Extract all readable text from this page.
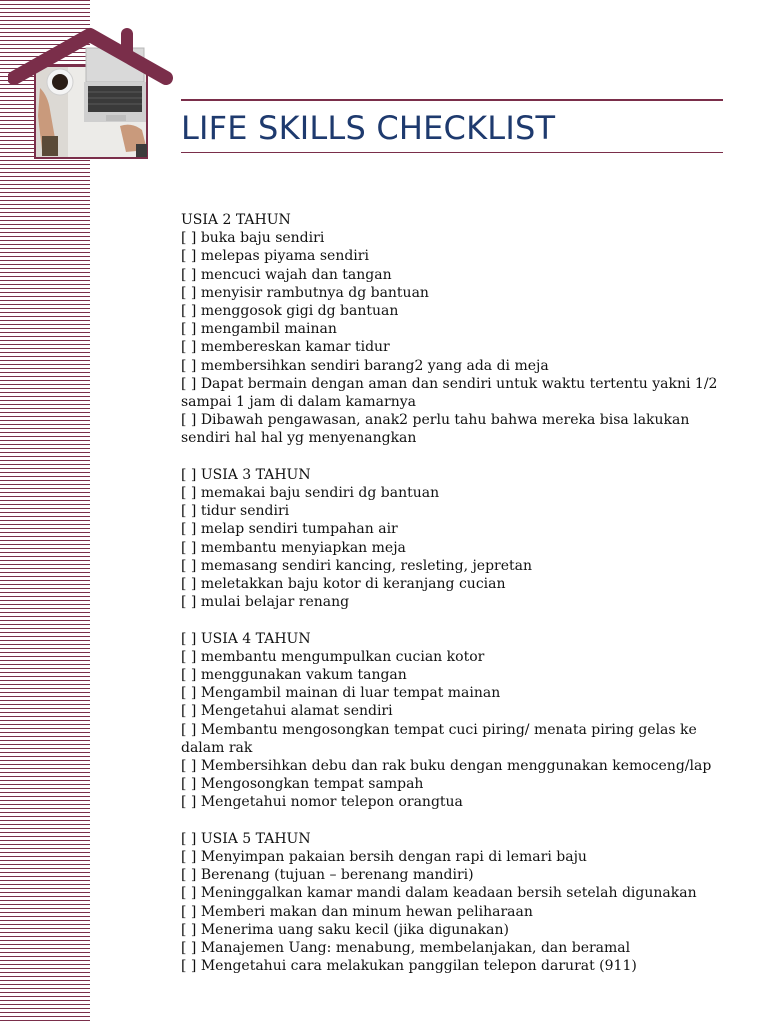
LIFE SKILLS CHECKLIST
USIA 2 TAHUN
[ ] buka baju sendiri
[ ] melepas piyama sendiri
[ ] mencuci wajah dan tangan
[ ] menyisir rambutnya dg bantuan
[ ] menggosok gigi dg bantuan
[ ] mengambil mainan
[ ] membereskan kamar tidur
[ ] membersihkan sendiri barang2 yang ada di meja
[ ] Dapat bermain dengan aman dan sendiri untuk waktu tertentu yakni 1/2 sampai 1 jam di dalam kamarnya
[ ] Dibawah pengawasan, anak2 perlu tahu bahwa mereka bisa lakukan sendiri hal hal yg menyenangkan
[ ] USIA 3 TAHUN
[ ] memakai baju sendiri dg bantuan
[ ] tidur sendiri
[ ] melap sendiri tumpahan air
[ ] membantu menyiapkan meja
[ ] memasang sendiri kancing, resleting, jepretan
[ ] meletakkan baju kotor di keranjang cucian
[ ] mulai belajar renang
[ ] USIA 4 TAHUN
[ ] membantu mengumpulkan cucian kotor
[ ] menggunakan vakum tangan
[ ] Mengambil mainan di luar tempat mainan
[ ] Mengetahui alamat sendiri
[ ] Membantu mengosongkan tempat cuci piring/ menata piring gelas ke dalam rak
[ ] Membersihkan debu dan rak buku dengan menggunakan kemoceng/lap
[ ] Mengosongkan tempat sampah
[ ] Mengetahui nomor telepon orangtua
[ ] USIA 5 TAHUN
[ ] Menyimpan pakaian bersih dengan rapi di lemari baju
[ ] Berenang (tujuan – berenang mandiri)
[ ] Meninggalkan kamar mandi dalam keadaan bersih setelah digunakan
[ ] Memberi makan dan minum hewan peliharaan
[ ] Menerima uang saku kecil (jika digunakan)
[ ] Manajemen Uang: menabung, membelanjakan, dan beramal
[ ] Mengetahui cara melakukan panggilan telepon darurat (911)
